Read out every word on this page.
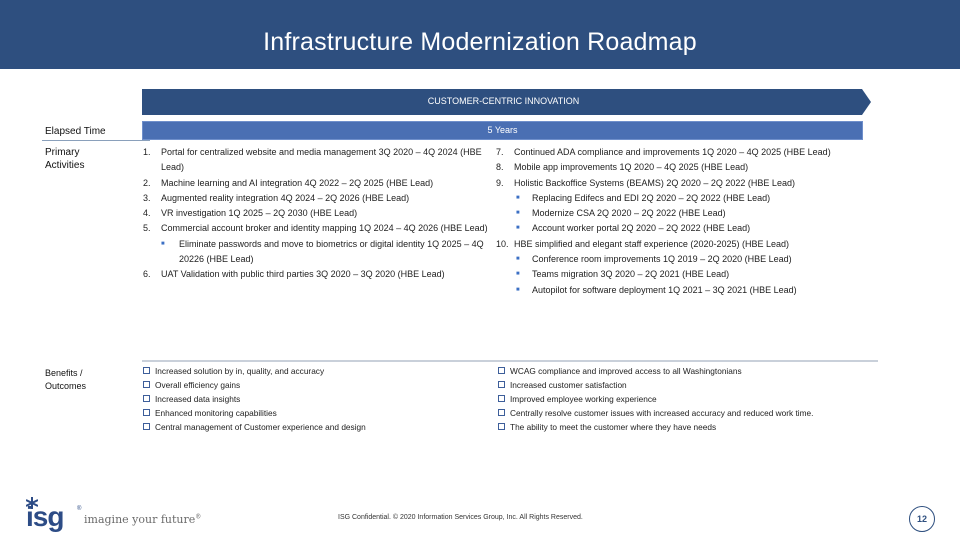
Infrastructure Modernization Roadmap
CUSTOMER-CENTRIC INNOVATION
Elapsed Time
Primary
Activities
Benefits /
Outcomes
5 Years
1. Portal for centralized website and media management 3Q 2020 – 4Q 2024 (HBE Lead)
2. Machine learning and AI integration 4Q 2022 – 2Q 2025 (HBE Lead)
3. Augmented reality integration 4Q 2024 – 2Q 2026 (HBE Lead)
4. VR investigation 1Q 2025 – 2Q 2030 (HBE Lead)
5. Commercial account broker and identity mapping 1Q 2024 – 4Q 2026 (HBE Lead)
■ Eliminate passwords and move to biometrics or digital identity 1Q 2025 – 4Q 20226 (HBE Lead)
6. UAT Validation with public third parties 3Q 2020 – 3Q 2020 (HBE Lead)
7. Continued ADA compliance and improvements 1Q 2020 – 4Q 2025 (HBE Lead)
8. Mobile app improvements 1Q 2020 – 4Q 2025 (HBE Lead)
9. Holistic Backoffice Systems (BEAMS) 2Q 2020 – 2Q 2022 (HBE Lead)
■ Replacing Edifecs and EDI 2Q 2020 – 2Q 2022 (HBE Lead)
■ Modernize CSA 2Q 2020 – 2Q 2022 (HBE Lead)
■ Account worker portal 2Q 2020 – 2Q 2022 (HBE Lead)
10. HBE simplified and elegant staff experience (2020-2025) (HBE Lead)
■ Conference room improvements 1Q 2019 – 2Q 2020 (HBE Lead)
■ Teams migration 3Q 2020 – 2Q 2021 (HBE Lead)
■ Autopilot for software deployment 1Q 2021 – 3Q 2021 (HBE Lead)
Increased solution by in, quality, and accuracy
Overall efficiency gains
Increased data insights
Enhanced monitoring capabilities
Central management of Customer experience and design
WCAG compliance and improved access to all Washingtonians
Increased customer satisfaction
Improved employee working experience
Centrally resolve customer issues with increased accuracy and reduced work time.
The ability to meet the customer where they have needs
isg ®
imagine your future®	ISG Confidential. © 2020 Information Services Group, Inc. All Rights Reserved.	12
